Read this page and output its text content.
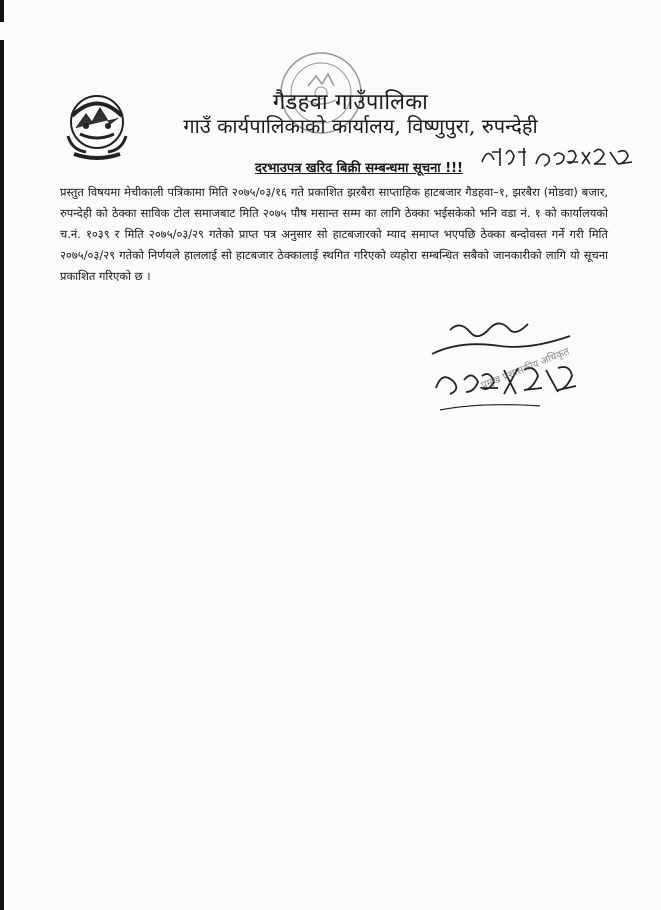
गैडहवा गाउँपालिका
गाउँ कार्यपालिकाको कार्यालय, विष्णुपुरा, रुपन्देही
दरभाउपत्र खरिद बिक्री सम्बन्धमा सूचना !!!
प्रस्तुत विषयमा मेचीकाली पत्रिकामा मिति २०७५/०३/१६ गते प्रकाशित झरबैरा साप्ताहिक हाटबजार गैडहवा–१, झरबैरा (मोडवा) बजार, रुपन्देही को ठेक्का साविक टोल समाजबाट मिति २०७५ पौष मसान्त सम्म का लागि ठेक्का भईसकेको भनि वडा नं. १ को कार्यालयको च.नं. १०३९ र मिति २०७५/०३/२९ गतेको प्राप्त पत्र अनुसार सो हाटबजारको म्याद समाप्त भएपछि ठेक्का बन्दोवस्त गर्ने गरी मिति २०७५/०३/२९ गतेको निर्णयले हाललाई सो हाटबजार ठेक्कालाई स्थगित गरिएको व्यहोरा सम्बन्धित सबैको जानकारीको लागि यो सूचना प्रकाशित गरिएको छ ।
प्रमुख प्रशासकीय अधिकृत
